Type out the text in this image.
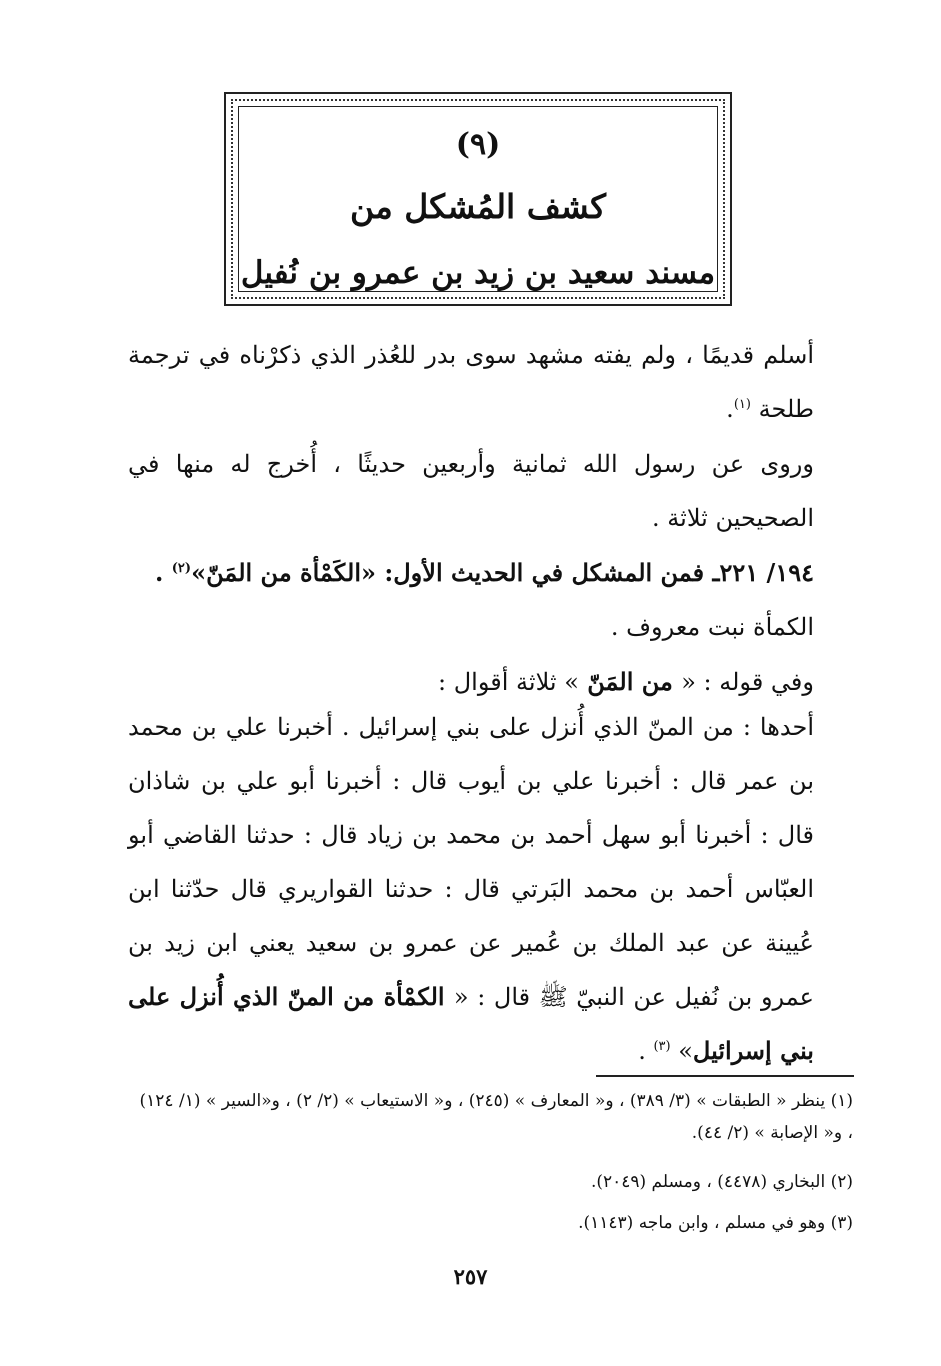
(٩)
كشف المُشكل من
مسند سعيد بن زيد بن عمرو بن نُفيل
أسلم قديمًا ، ولم يفته مشهد سوى بدر للعُذر الذي ذكرْناه في ترجمة طلحة $^{(١)}$.
وروى عن رسول الله ثمانية وأربعين حديثًا ، أُخرج له منها في الصحيحين ثلاثة .
١٩٤/ ٢٢١ـ فمن المشكل في الحديث الأول: «الكَمْأة من المَنّ»$^{(٢)}$ .
الكمأة نبت معروف .
وفي قوله : « من المَنّ » ثلاثة أقوال :
أحدها : من المنّ الذي أُنزل على بني إسرائيل . أخبرنا علي بن محمد بن عمر قال : أخبرنا علي بن أيوب قال : أخبرنا أبو علي بن شاذان قال : أخبرنا أبو سهل أحمد بن محمد بن زياد قال : حدثنا القاضي أبو العبّاس أحمد بن محمد البَرتي قال : حدثنا القواريري قال حدّثنا ابن عُيينة عن عبد الملك بن عُمير عن عمرو بن سعيد يعني ابن زيد بن عمرو بن نُفيل عن النبيّ ﷺ قال : « الكمْأة من المنّ الذي أُنزل على بني إسرائيل» $^{(٣)}$ .
(١) ينظر « الطبقات » (٣/ ٣٨٩) ، و« المعارف » (٢٤٥) ، و« الاستيعاب » (٢/ ٢) ، و«السير » (١/ ١٢٤) ، و« الإصابة » (٢/ ٤٤).
(٢) البخاري (٤٤٧٨) ، ومسلم (٢٠٤٩).
(٣) وهو في مسلم ، وابن ماجه (١١٤٣).
٢٥٧
